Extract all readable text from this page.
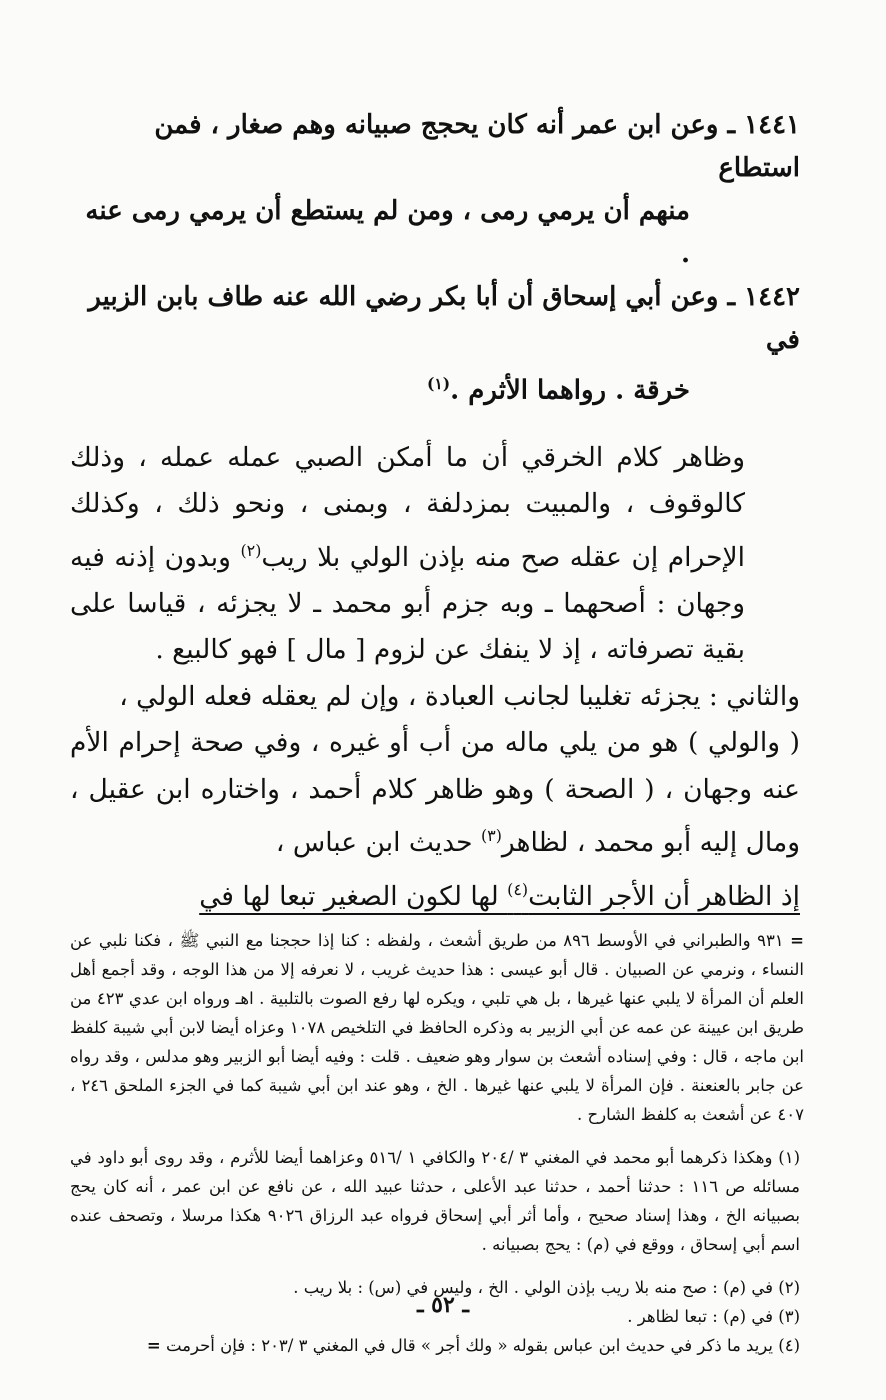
١٤٤١ ـ وعن ابن عمر أنه كان يحجج صبيانه وهم صغار ، فمن استطاع
منهم أن يرمي رمى ، ومن لم يستطع أن يرمي رمى عنه .

١٤٤٢ ـ وعن أبي إسحاق أن أبا بكر رضي الله عنه طاف بابن الزبير في
خرقة . رواهما الأثرم .$^{(١)}$

وظاهر كلام الخرقي أن ما أمكن الصبي عمله عمله ، وذلك كالوقوف ، والمبيت بمزدلفة ، وبمنى ، ونحو ذلك ، وكذلك الإحرام إن عقله صح منه بإذن الولي بلا ريب$^{(٢)}$ وبدون إذنه فيه وجهان : أصحهما ـ وبه جزم أبو محمد ـ لا يجزئه ، قياسا على بقية تصرفاته ، إذ لا ينفك عن لزوم [ مال ] فهو كالبيع .

والثاني : يجزئه تغليبا لجانب العبادة ، وإن لم يعقله فعله الولي ،

( والولي ) هو من يلي ماله من أب أو غيره ، وفي صحة إحرام الأم عنه وجهان ، ( الصحة ) وهو ظاهر كلام أحمد ، واختاره ابن عقيل ، ومال إليه أبو محمد ، لظاهر$^{(٣)}$ حديث ابن عباس ،

إذ الظاهر أن الأجر الثابت$^{(٤)}$ لها لكون الصغير تبعا لها في

= ٩٣١ والطبراني في الأوسط ٨٩٦ من طريق أشعث ، ولفظه : كنا إذا حججنا مع النبي ﷺ ، فكنا نلبي عن النساء ، ونرمي عن الصبيان . قال أبو عيسى : هذا حديث غريب ، لا نعرفه إلا من هذا الوجه ، وقد أجمع أهل العلم أن المرأة لا يلبي عنها غيرها ، بل هي تلبي ، ويكره لها رفع الصوت بالتلبية . اهـ ورواه ابن عدي ٤٢٣ من طريق ابن عيينة عن عمه عن أبي الزبير به وذكره الحافظ في التلخيص ١٠٧٨ وعزاه أيضا لابن أبي شيبة كلفظ ابن ماجه ، قال : وفي إسناده أشعث بن سوار وهو ضعيف . قلت : وفيه أيضا أبو الزبير وهو مدلس ، وقد رواه عن جابر بالعنعنة . فإن المرأة لا يلبي عنها غيرها . الخ ، وهو عند ابن أبي شيبة كما في الجزء الملحق ٢٤٦ ، ٤٠٧ عن أشعث به كلفظ الشارح .

(١) وهكذا ذكرهما أبو محمد في المغني ٣ /٢٠٤ والكافي ١ /٥١٦ وعزاهما أيضا للأثرم ، وقد روى أبو داود في مسائله ص ١١٦ : حدثنا أحمد ، حدثنا عبد الأعلى ، حدثنا عبيد الله ، عن نافع عن ابن عمر ، أنه كان يحج بصبيانه الخ ، وهذا إسناد صحيح ، وأما أثر أبي إسحاق فرواه عبد الرزاق ٩٠٢٦ هكذا مرسلا ، وتصحف عنده اسم أبي إسحاق ، ووقع في (م) : يحج بصبيانه .

(٢) في (م) : صح منه بلا ريب بإذن الولي . الخ ، وليس في (س) : بلا ريب .

(٣) في (م) : تبعا لظاهر .

(٤) يريد ما ذكر في حديث ابن عباس بقوله « ولك أجر » قال في المغني ٣ /٢٠٣ : فإن أحرمت =

ـ ٥٢ ـ
